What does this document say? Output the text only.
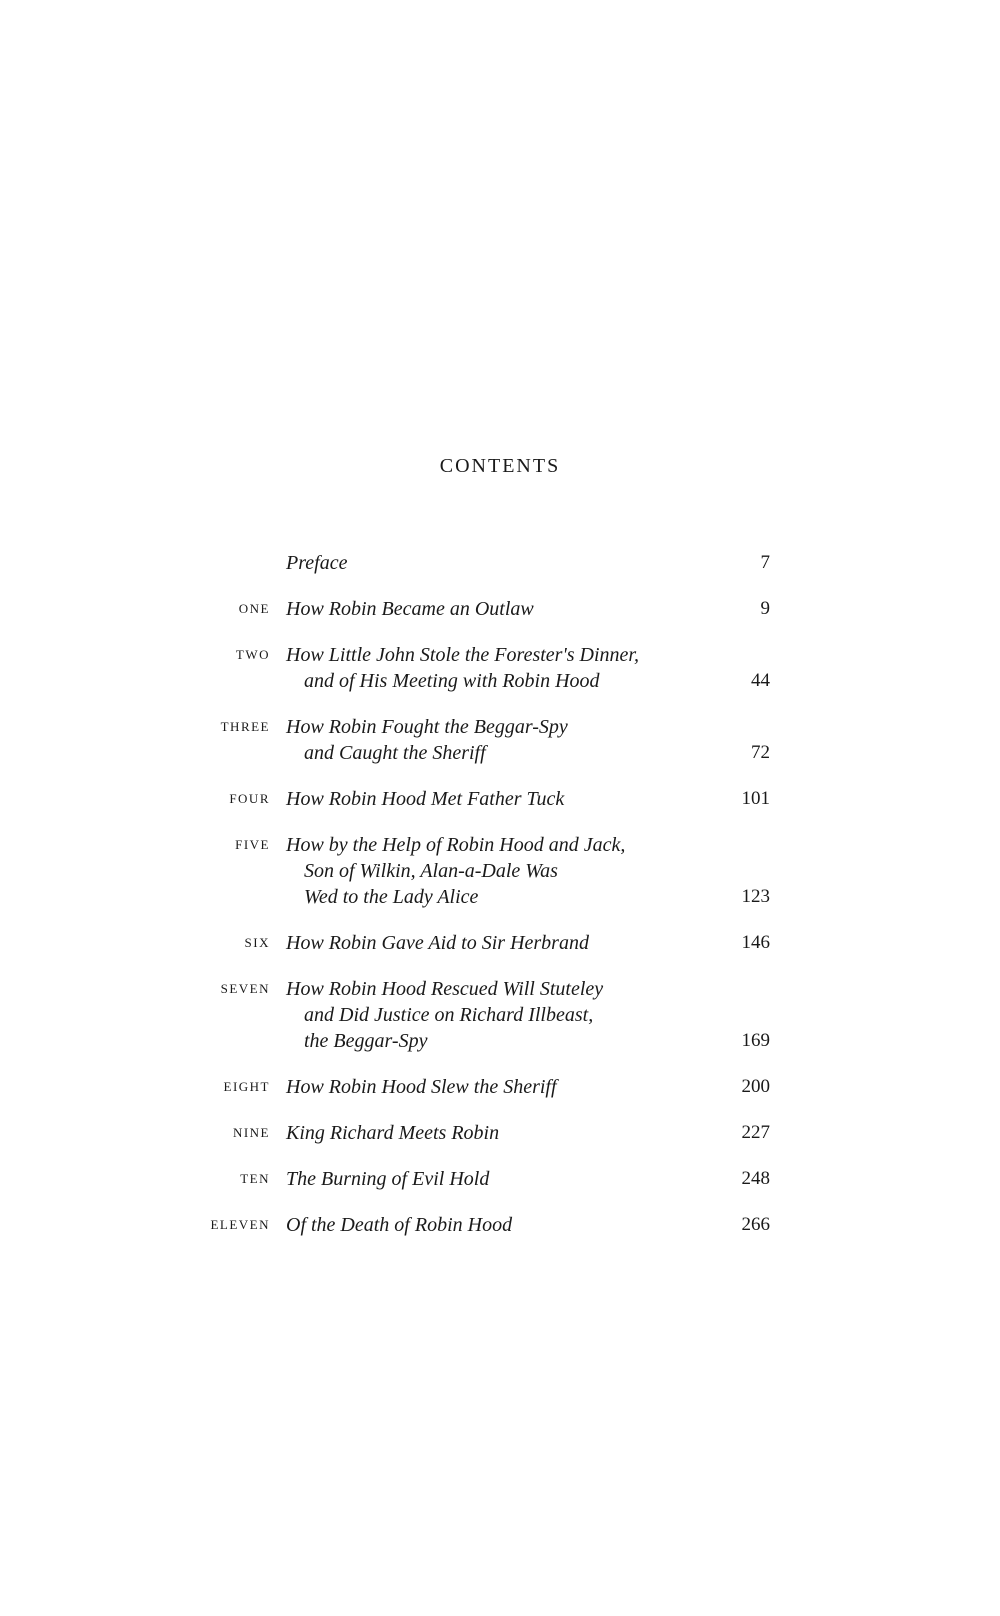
CONTENTS
Preface	7
ONE How Robin Became an Outlaw	9
TWO How Little John Stole the Forester's Dinner,
and of His Meeting with Robin Hood	44
THREE How Robin Fought the Beggar-Spy
and Caught the Sheriff	72
FOUR How Robin Hood Met Father Tuck	101
FIVE How by the Help of Robin Hood and Jack,
Son of Wilkin, Alan-a-Dale Was
Wed to the Lady Alice	123
SIX How Robin Gave Aid to Sir Herbrand	146
SEVEN How Robin Hood Rescued Will Stuteley
and Did Justice on Richard Illbeast,
the Beggar-Spy	169
EIGHT How Robin Hood Slew the Sheriff	200
NINE King Richard Meets Robin	227
TEN The Burning of Evil Hold	248
ELEVEN Of the Death of Robin Hood	266
